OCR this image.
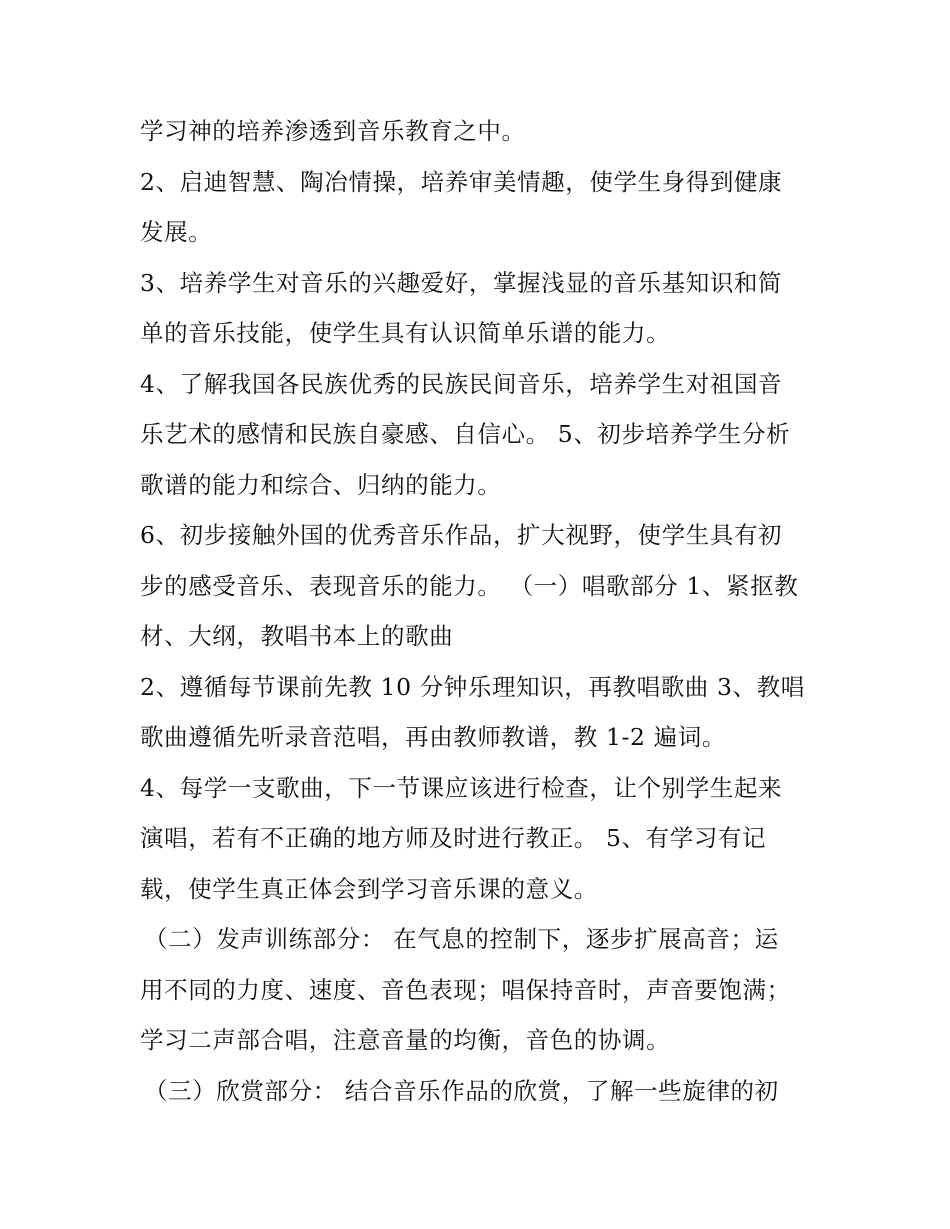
学习神的培养渗透到音乐教育之中。
2、启迪智慧、陶冶情操，培养审美情趣，使学生身得到健康
发展。
3、培养学生对音乐的兴趣爱好，掌握浅显的音乐基知识和简
单的音乐技能，使学生具有认识简单乐谱的能力。
4、了解我国各民族优秀的民族民间音乐，培养学生对祖国音
乐艺术的感情和民族自豪感、自信心。 5、初步培养学生分析
歌谱的能力和综合、归纳的能力。
6、初步接触外国的优秀音乐作品，扩大视野，使学生具有初
步的感受音乐、表现音乐的能力。 （一）唱歌部分 1、紧抠教
材、大纲，教唱书本上的歌曲
2、遵循每节课前先教 10 分钟乐理知识，再教唱歌曲 3、教唱
歌曲遵循先听录音范唱，再由教师教谱，教 1-2 遍词。
4、每学一支歌曲，下一节课应该进行检查，让个别学生起来
演唱，若有不正确的地方师及时进行教正。 5、有学习有记
载，使学生真正体会到学习音乐课的意义。
（二）发声训练部分： 在气息的控制下，逐步扩展高音；运
用不同的力度、速度、音色表现；唱保持音时，声音要饱满；
学习二声部合唱，注意音量的均衡，音色的协调。
（三）欣赏部分： 结合音乐作品的欣赏，了解一些旋律的初
